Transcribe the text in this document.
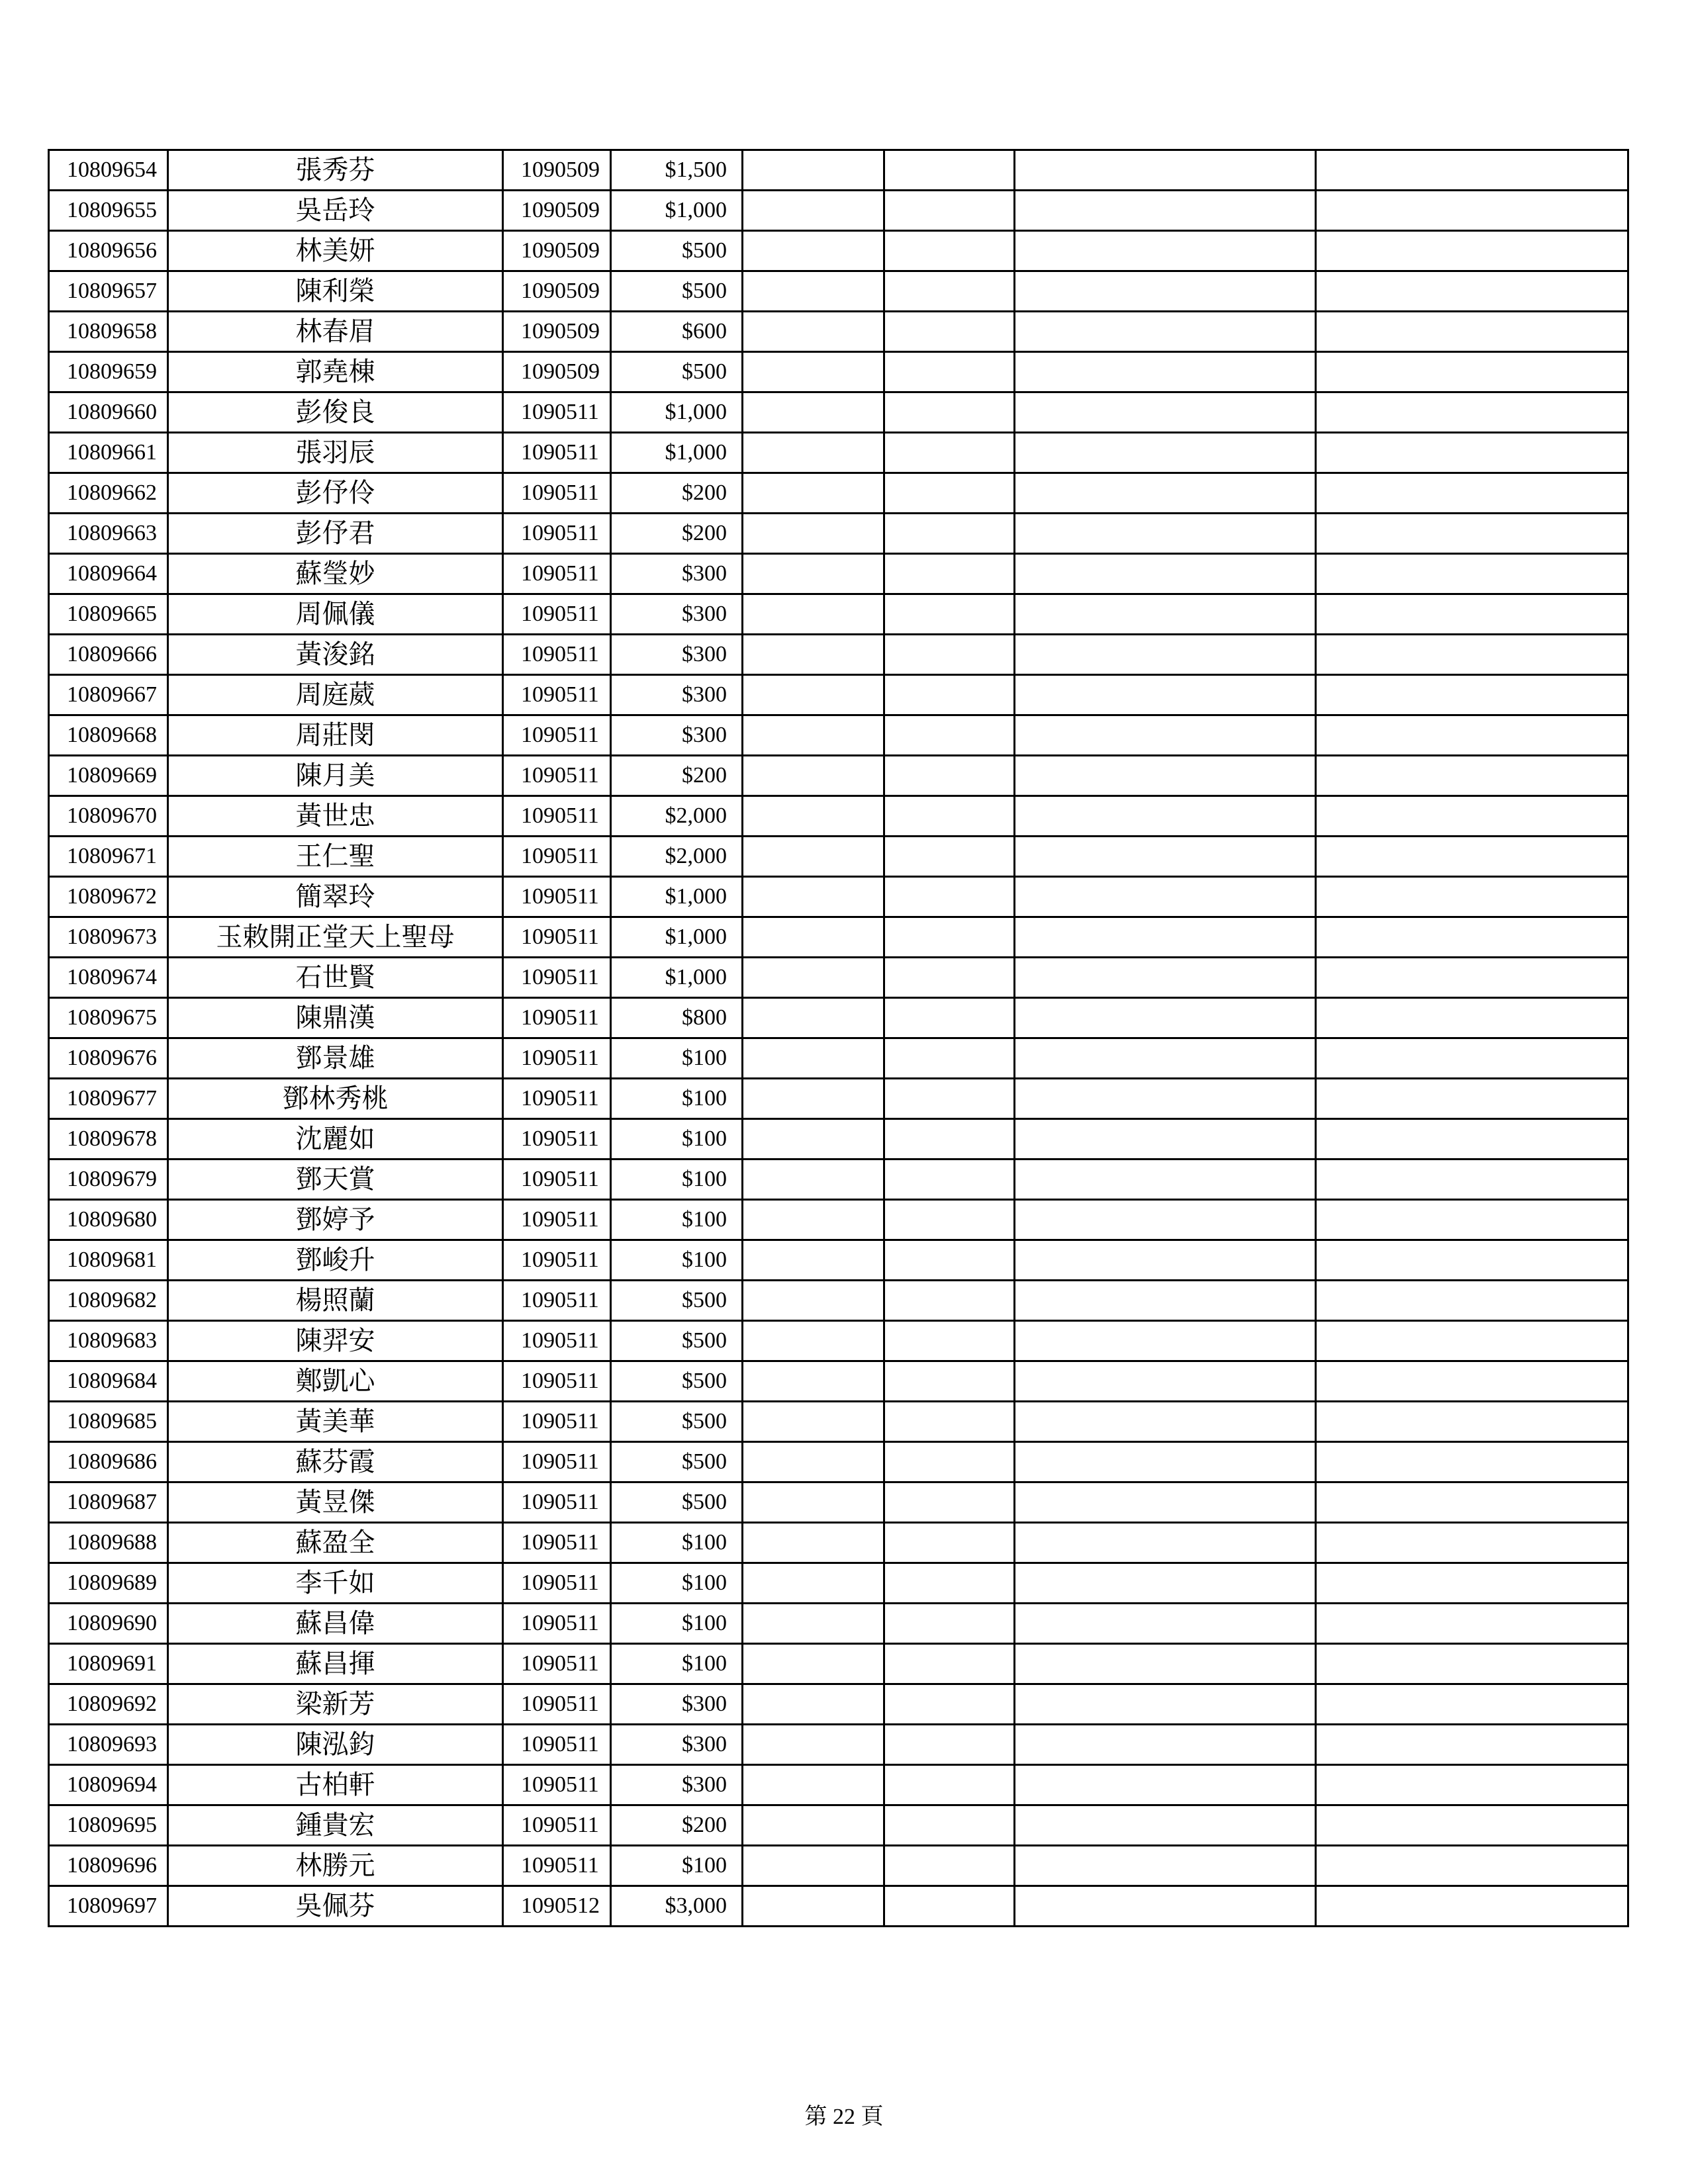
10809654	張秀芬	1090509	$1,500				
10809655	吳岳玲	1090509	$1,000				
10809656	林美妍	1090509	$500				
10809657	陳利榮	1090509	$500				
10809658	林春眉	1090509	$600				
10809659	郭堯棟	1090509	$500				
10809660	彭俊良	1090511	$1,000				
10809661	張羽辰	1090511	$1,000				
10809662	彭伃伶	1090511	$200				
10809663	彭伃君	1090511	$200				
10809664	蘇瑩妙	1090511	$300				
10809665	周佩儀	1090511	$300				
10809666	黃浚銘	1090511	$300				
10809667	周庭葳	1090511	$300				
10809668	周莊閔	1090511	$300				
10809669	陳月美	1090511	$200				
10809670	黃世忠	1090511	$2,000				
10809671	王仁聖	1090511	$2,000				
10809672	簡翠玲	1090511	$1,000				
10809673	玉敕開正堂天上聖母	1090511	$1,000				
10809674	石世賢	1090511	$1,000				
10809675	陳鼎漢	1090511	$800				
10809676	鄧景雄	1090511	$100				
10809677	鄧林秀桃	1090511	$100				
10809678	沈麗如	1090511	$100				
10809679	鄧天賞	1090511	$100				
10809680	鄧婷予	1090511	$100				
10809681	鄧峻升	1090511	$100				
10809682	楊照蘭	1090511	$500				
10809683	陳羿安	1090511	$500				
10809684	鄭凱心	1090511	$500				
10809685	黃美華	1090511	$500				
10809686	蘇芬霞	1090511	$500				
10809687	黃昱傑	1090511	$500				
10809688	蘇盈全	1090511	$100				
10809689	李千如	1090511	$100				
10809690	蘇昌偉	1090511	$100				
10809691	蘇昌揮	1090511	$100				
10809692	梁新芳	1090511	$300				
10809693	陳泓鈞	1090511	$300				
10809694	古柏軒	1090511	$300				
10809695	鍾貴宏	1090511	$200				
10809696	林勝元	1090511	$100				
10809697	吳佩芬	1090512	$3,000				
第 22 頁
